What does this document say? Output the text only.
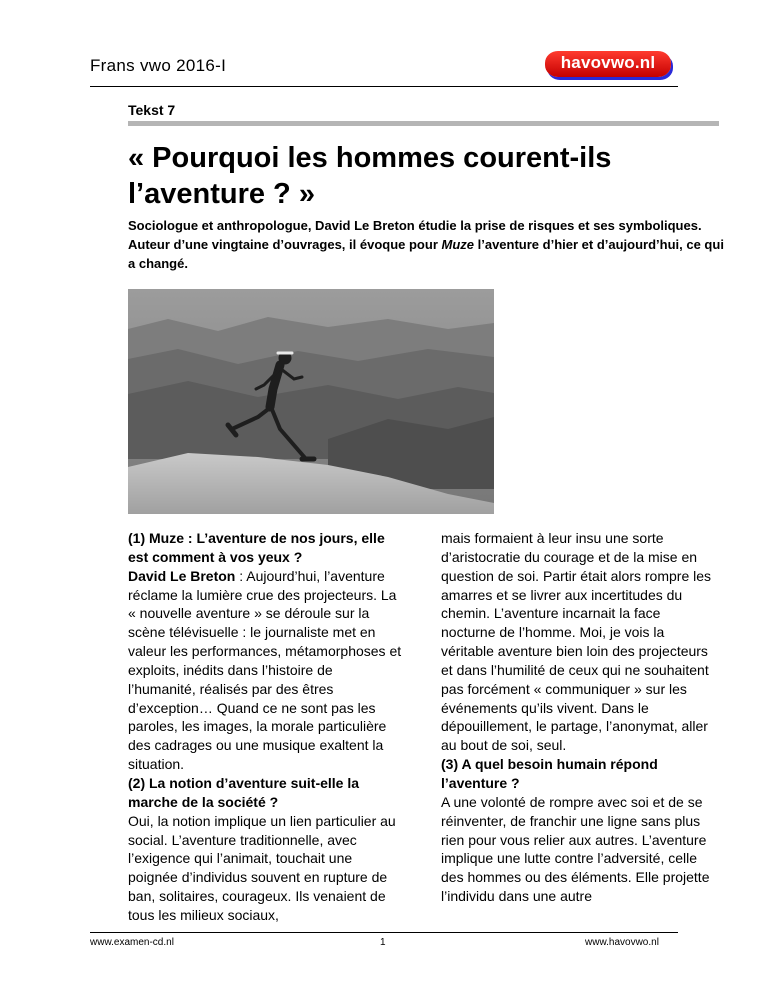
Frans vwo 2016-I	havovwo.nl
Tekst 7
« Pourquoi les hommes courent-ils
l’aventure ? »

Sociologue et anthropologue, David Le Breton étudie la prise de risques et ses symboliques. Auteur d’une vingtaine d’ouvrages, il évoque pour Muze l’aventure d’hier et d’aujourd’hui, ce qui a changé.

(1) Muze : L’aventure de nos jours, elle est comment à vos yeux ?
David Le Breton : Aujourd’hui, l’aventure réclame la lumière crue des projecteurs. La « nouvelle aventure » se déroule sur la scène télévisuelle : le journaliste met en valeur les performances, métamorphoses et exploits, inédits dans l’histoire de l’humanité, réalisés par des êtres d’exception… Quand ce ne sont pas les paroles, les images, la morale particulière des cadrages ou une musique exaltent la situation.
(2) La notion d’aventure suit-elle la marche de la société ?
Oui, la notion implique un lien particulier au social. L’aventure traditionnelle, avec l’exigence qui l’animait, touchait une poignée d’individus souvent en rupture de ban, solitaires, courageux. Ils venaient de tous les milieux sociaux,
mais formaient à leur insu une sorte d’aristocratie du courage et de la mise en question de soi. Partir était alors rompre les amarres et se livrer aux incertitudes du chemin. L’aventure incarnait la face nocturne de l’homme. Moi, je vois la véritable aventure bien loin des projecteurs et dans l’humilité de ceux qui ne souhaitent pas forcément « communiquer » sur les événements qu’ils vivent. Dans le dépouillement, le partage, l’anonymat, aller au bout de soi, seul.
(3) A quel besoin humain répond l’aventure ?
A une volonté de rompre avec soi et de se réinventer, de franchir une ligne sans plus rien pour vous relier aux autres. L’aventure implique une lutte contre l’adversité, celle des hommes ou des éléments. Elle projette l’individu dans une autre
www.examen-cd.nl	1	www.havovwo.nl
